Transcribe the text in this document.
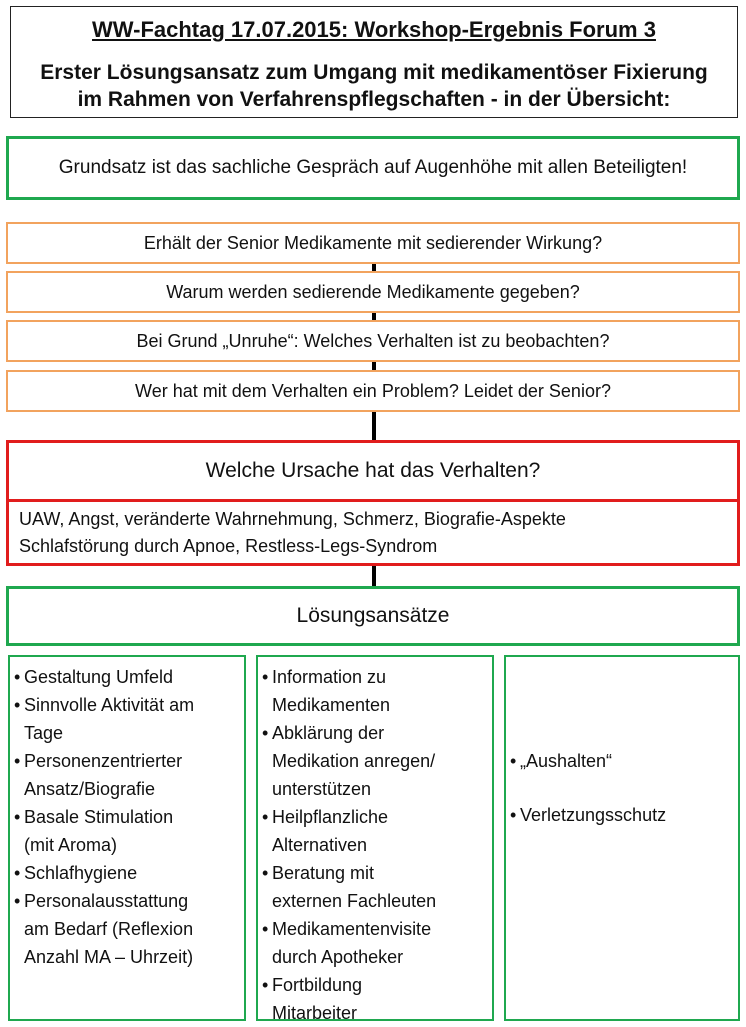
WW-Fachtag 17.07.2015: Workshop-Ergebnis Forum 3
Erster Lösungsansatz zum Umgang mit medikamentöser Fixierung
im Rahmen von Verfahrenspflegschaften - in der Übersicht:
Grundsatz ist das sachliche Gespräch auf Augenhöhe mit allen Beteiligten!
Erhält der Senior Medikamente mit sedierender Wirkung?
Warum werden sedierende Medikamente gegeben?
Bei Grund „Unruhe“: Welches Verhalten ist zu beobachten?
Wer hat mit dem Verhalten ein Problem? Leidet der Senior?
Welche Ursache hat das Verhalten?
UAW, Angst, veränderte Wahrnehmung, Schmerz, Biografie-Aspekte
Schlafstörung durch Apnoe, Restless-Legs-Syndrom
Lösungsansätze
• Gestaltung Umfeld
• Sinnvolle Aktivität am
Tage
• Personenzentrierter
Ansatz/Biografie
• Basale Stimulation
(mit Aroma)
• Schlafhygiene
• Personalausstattung
am Bedarf (Reflexion
Anzahl MA – Uhrzeit)
• Information zu
Medikamenten
• Abklärung der
Medikation anregen/
unterstützen
• Heilpflanzliche
Alternativen
• Beratung mit
externen Fachleuten
• Medikamentenvisite
durch Apotheker
• Fortbildung
Mitarbeiter
• „Aushalten“
• Verletzungsschutz
